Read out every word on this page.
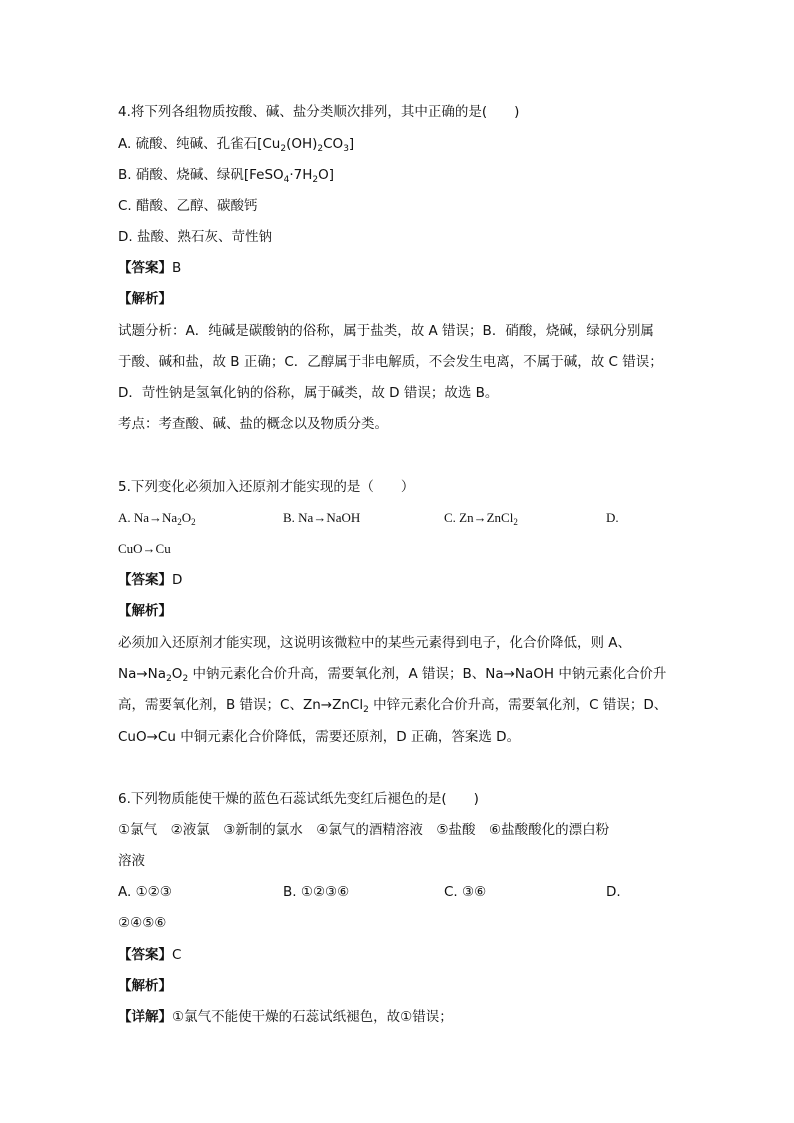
4.将下列各组物质按酸、碱、盐分类顺次排列，其中正确的是(　　)
A. 硫酸、纯碱、孔雀石$[Cu_2(OH)_2CO_3]$
B. 硝酸、烧碱、绿矾$[FeSO_4\cdot 7H_2O]$
C. 醋酸、乙醇、碳酸钙
D. 盐酸、熟石灰、苛性钠
【答案】B
【解析】
试题分析：A．纯碱是碳酸钠的俗称，属于盐类，故 A 错误；B．硝酸，烧碱，绿矾分别属
于酸、碱和盐，故 B 正确；C．乙醇属于非电解质，不会发生电离，不属于碱，故 C 错误；
D．苛性钠是氢氧化钠的俗称，属于碱类，故 D 错误；故选 B。
考点：考查酸、碱、盐的概念以及物质分类。
5.下列变化必须加入还原剂才能实现的是（　　）
A. $Na\to Na_2O_2$	B. Na→NaOH	C. Zn→ZnCl$_2$	D.
CuO→Cu
【答案】D
【解析】
必须加入还原剂才能实现，这说明该微粒中的某些元素得到电子，化合价降低，则 A、
$Na\to Na_2O_2$ 中钠元素化合价升高，需要氧化剂，A 错误；B、Na→NaOH 中钠元素化合价升
高，需要氧化剂，B 错误；C、Zn→ZnCl$_2$ 中锌元素化合价升高，需要氧化剂，C 错误；D、
CuO→Cu 中铜元素化合价降低，需要还原剂，D 正确，答案选 D。
6.下列物质能使干燥的蓝色石蕊试纸先变红后褪色的是(　　)
①氯气　②液氯　③新制的氯水　④氯气的酒精溶液　⑤盐酸　⑥盐酸酸化的漂白粉
溶液
A. ①②③	B. ①②③⑥	C. ③⑥	D.
②④⑤⑥
【答案】C
【解析】
【详解】①氯气不能使干燥的石蕊试纸褪色，故①错误；
